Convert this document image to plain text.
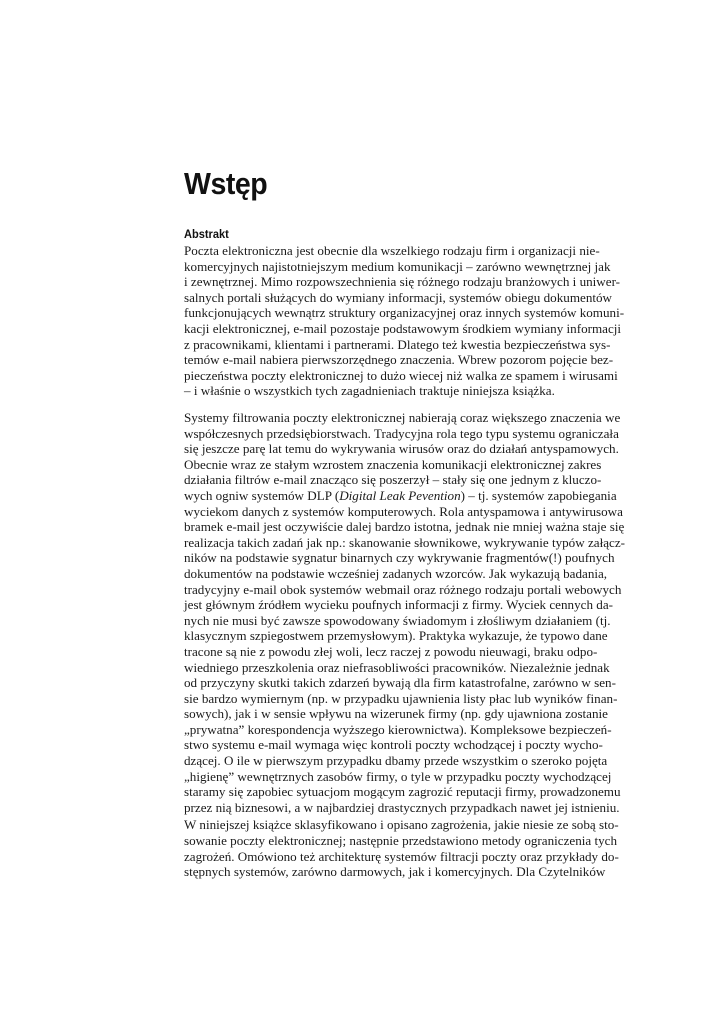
Wstęp
Abstrakt
Poczta elektroniczna jest obecnie dla wszelkiego rodzaju firm i organizacji nie-
komercyjnych najistotniejszym medium komunikacji – zarówno wewnętrznej jak
i zewnętrznej. Mimo rozpowszechnienia się różnego rodzaju branżowych i uniwer-
salnych portali służących do wymiany informacji, systemów obiegu dokumentów
funkcjonujących wewnątrz struktury organizacyjnej oraz innych systemów komuni-
kacji elektronicznej, e-mail pozostaje podstawowym środkiem wymiany informacji
z pracownikami, klientami i partnerami. Dlatego też kwestia bezpieczeństwa sys-
temów e-mail nabiera pierwszorzędnego znaczenia. Wbrew pozorom pojęcie bez-
pieczeństwa poczty elektronicznej to dużo wiecej niż walka ze spamem i wirusami
– i właśnie o wszystkich tych zagadnieniach traktuje niniejsza książka.
Systemy filtrowania poczty elektronicznej nabierają coraz większego znaczenia we
współczesnych przedsiębiorstwach. Tradycyjna rola tego typu systemu ograniczała
się jeszcze parę lat temu do wykrywania wirusów oraz do działań antyspamowych.
Obecnie wraz ze stałym wzrostem znaczenia komunikacji elektronicznej zakres
działania filtrów e-mail znacząco się poszerzył – stały się one jednym z kluczo-
wych ogniw systemów DLP (Digital Leak Pevention) – tj. systemów zapobiegania
wyciekom danych z systemów komputerowych. Rola antyspamowa i antywirusowa
bramek e-mail jest oczywiście dalej bardzo istotna, jednak nie mniej ważna staje się
realizacja takich zadań jak np.: skanowanie słownikowe, wykrywanie typów załącz-
ników na podstawie sygnatur binarnych czy wykrywanie fragmentów(!) poufnych
dokumentów na podstawie wcześniej zadanych wzorców. Jak wykazują badania,
tradycyjny e-mail obok systemów webmail oraz różnego rodzaju portali webowych
jest głównym źródłem wycieku poufnych informacji z firmy. Wyciek cennych da-
nych nie musi być zawsze spowodowany świadomym i złośliwym działaniem (tj.
klasycznym szpiegostwem przemysłowym). Praktyka wykazuje, że typowo dane
tracone są nie z powodu złej woli, lecz raczej z powodu nieuwagi, braku odpo-
wiedniego przeszkolenia oraz niefrasobliwości pracowników. Niezależnie jednak
od przyczyny skutki takich zdarzeń bywają dla firm katastrofalne, zarówno w sen-
sie bardzo wymiernym (np. w przypadku ujawnienia listy płac lub wyników finan-
sowych), jak i w sensie wpływu na wizerunek firmy (np. gdy ujawniona zostanie
„prywatna” korespondencja wyższego kierownictwa). Kompleksowe bezpieczeń-
stwo systemu e-mail wymaga więc kontroli poczty wchodzącej i poczty wycho-
dzącej. O ile w pierwszym przypadku dbamy przede wszystkim o szeroko pojęta
„higienę” wewnętrznych zasobów firmy, o tyle w przypadku poczty wychodzącej
staramy się zapobiec sytuacjom mogącym zagrozić reputacji firmy, prowadzonemu
przez nią biznesowi, a w najbardziej drastycznych przypadkach nawet jej istnieniu.
W niniejszej książce sklasyfikowano i opisano zagrożenia, jakie niesie ze sobą sto-
sowanie poczty elektronicznej; następnie przedstawiono metody ograniczenia tych
zagrożeń. Omówiono też architekturę systemów filtracji poczty oraz przykłady do-
stępnych systemów, zarówno darmowych, jak i komercyjnych. Dla Czytelników
